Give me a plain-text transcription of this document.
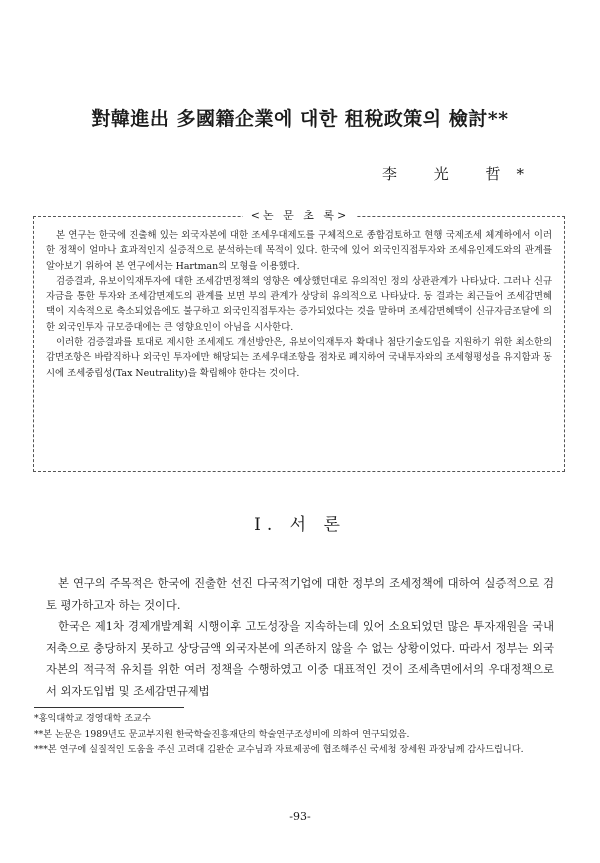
對韓進出 多國籍企業에 대한 租稅政策의 檢討**
李 光 哲*
<논 문 초 록>

본 연구는 한국에 진출해 있는 외국자본에 대한 조세우대제도를 구체적으로 종합검토하고 현행 국제조세 체계하에서 이러한 정책이 얼마나 효과적인지 실증적으로 분석하는데 목적이 있다. 한국에 있어 외국인직접투자와 조세유인제도와의 관계를 알아보기 위하여 본 연구에서는 Hartman의 모형을 이용했다.

검증결과, 유보이익재투자에 대한 조세감면정책의 영향은 예상했던대로 유의적인 정의 상관관계가 나타났다. 그러나 신규자금을 통한 투자와 조세감면제도의 관계를 보면 부의 관계가 상당히 유의적으로 나타났다. 동 결과는 최근들어 조세감면혜택이 지속적으로 축소되었음에도 불구하고 외국인직접투자는 증가되었다는 것을 말하며 조세감면혜택이 신규자금조달에 의한 외국인투자 규모증대에는 큰 영향요인이 아님을 시사한다.

이러한 검증결과를 토대로 제시한 조세제도 개선방안은, 유보이익재투자 확대나 첨단기술도입을 지원하기 위한 최소한의 감면조항은 바람직하나 외국인 투자에만 해당되는 조세우대조항을 점차로 폐지하여 국내투자와의 조세형평성을 유지함과 동시에 조세중립성(Tax Neutrality)을 확립해야 한다는 것이다.

Ⅰ. 서 론

본 연구의 주목적은 한국에 진출한 선진 다국적기업에 대한 정부의 조세정책에 대하여 실증적으로 검토 평가하고자 하는 것이다.

한국은 제1차 경제개발계획 시행이후 고도성장을 지속하는데 있어 소요되었던 많은 투자재원을 국내저축으로 충당하지 못하고 상당금액 외국자본에 의존하지 않을 수 없는 상황이었다. 따라서 정부는 외국자본의 적극적 유치를 위한 여러 정책을 수행하였고 이중 대표적인 것이 조세측면에서의 우대정책으로서 외자도입법 및 조세감면규제법

*홍익대학교 경영대학 조교수

**본 논문은 1989년도 문교부지원 한국학술진흥재단의 학술연구조성비에 의하여 연구되었음.

***본 연구에 실질적인 도움을 주신 고려대 김완순 교수님과 자료제공에 협조해주신 국세청 장세원 과장님께 감사드립니다.

-93-
